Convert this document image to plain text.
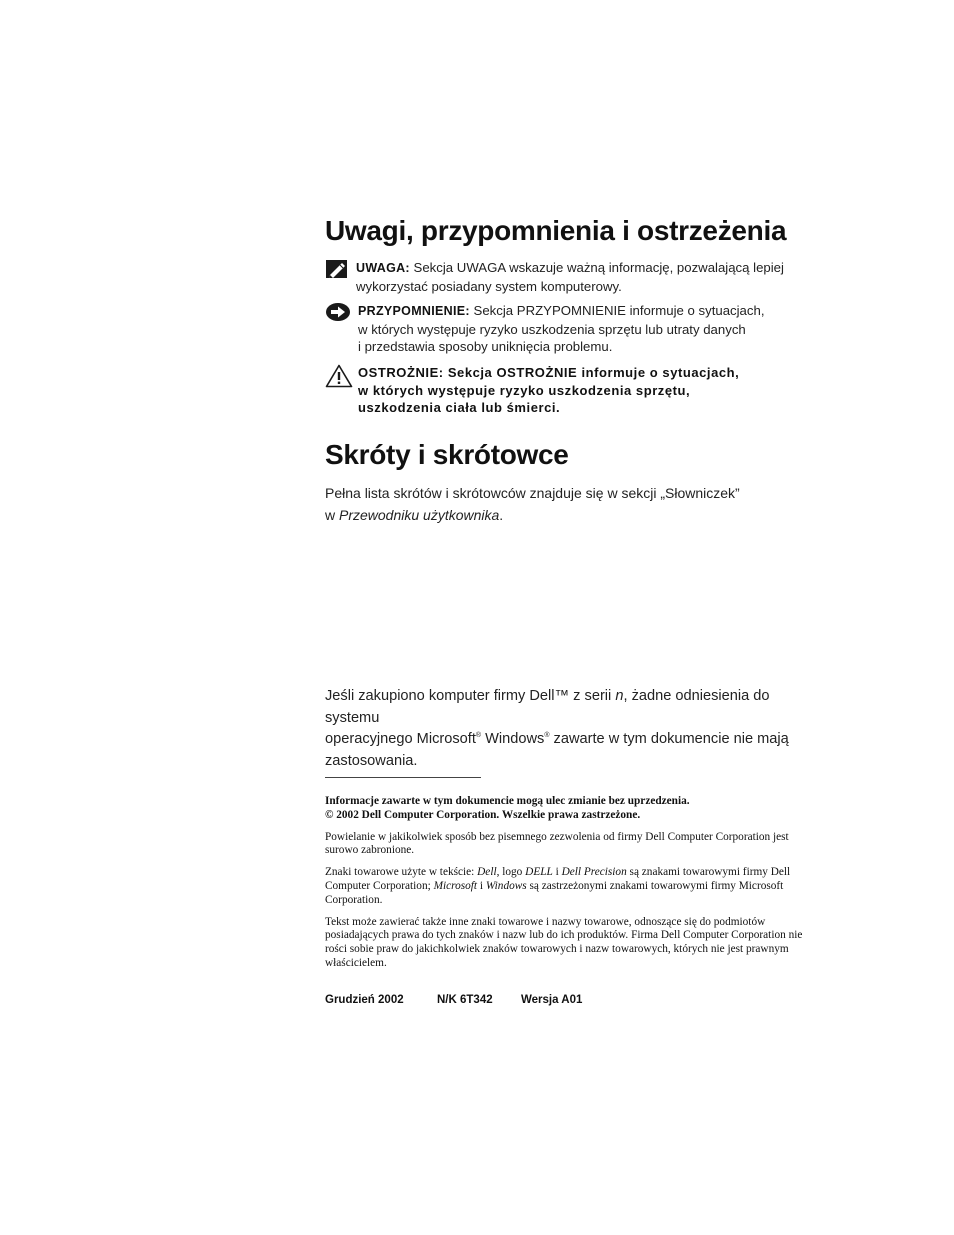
Uwagi, przypomnienia i ostrzeżenia
UWAGA: Sekcja UWAGA wskazuje ważną informację, pozwalającą lepiej
wykorzystać posiadany system komputerowy.
PRZYPOMNIENIE: Sekcja PRZYPOMNIENIE informuje o sytuacjach,
w których występuje ryzyko uszkodzenia sprzętu lub utraty danych
i przedstawia sposoby uniknięcia problemu.
OSTROŻNIE: Sekcja OSTROŻNIE informuje o sytuacjach,
w których występuje ryzyko uszkodzenia sprzętu,
uszkodzenia ciała lub śmierci.
Skróty i skrótowce
Pełna lista skrótów i skrótowców znajduje się w sekcji „Słowniczek”
w Przewodniku użytkownika.
Jeśli zakupiono komputer firmy Dell™ z serii n, żadne odniesienia do systemu
operacyjnego Microsoft® Windows® zawarte w tym dokumencie nie mają
zastosowania.
Informacje zawarte w tym dokumencie mogą ulec zmianie bez uprzedzenia.
© 2002 Dell Computer Corporation. Wszelkie prawa zastrzeżone.
Powielanie w jakikolwiek sposób bez pisemnego zezwolenia od firmy Dell Computer Corporation jest surowo zabronione.
Znaki towarowe użyte w tekście: Dell, logo DELL i Dell Precision są znakami towarowymi firmy Dell Computer Corporation; Microsoft i Windows są zastrzeżonymi znakami towarowymi firmy Microsoft Corporation.
Tekst może zawierać także inne znaki towarowe i nazwy towarowe, odnoszące się do podmiotów posiadających prawa do tych znaków i nazw lub do ich produktów. Firma Dell Computer Corporation nie rości sobie praw do jakichkolwiek znaków towarowych i nazw towarowych, których nie jest prawnym właścicielem.
Grudzień 2002	N/K 6T342 Wersja A01
